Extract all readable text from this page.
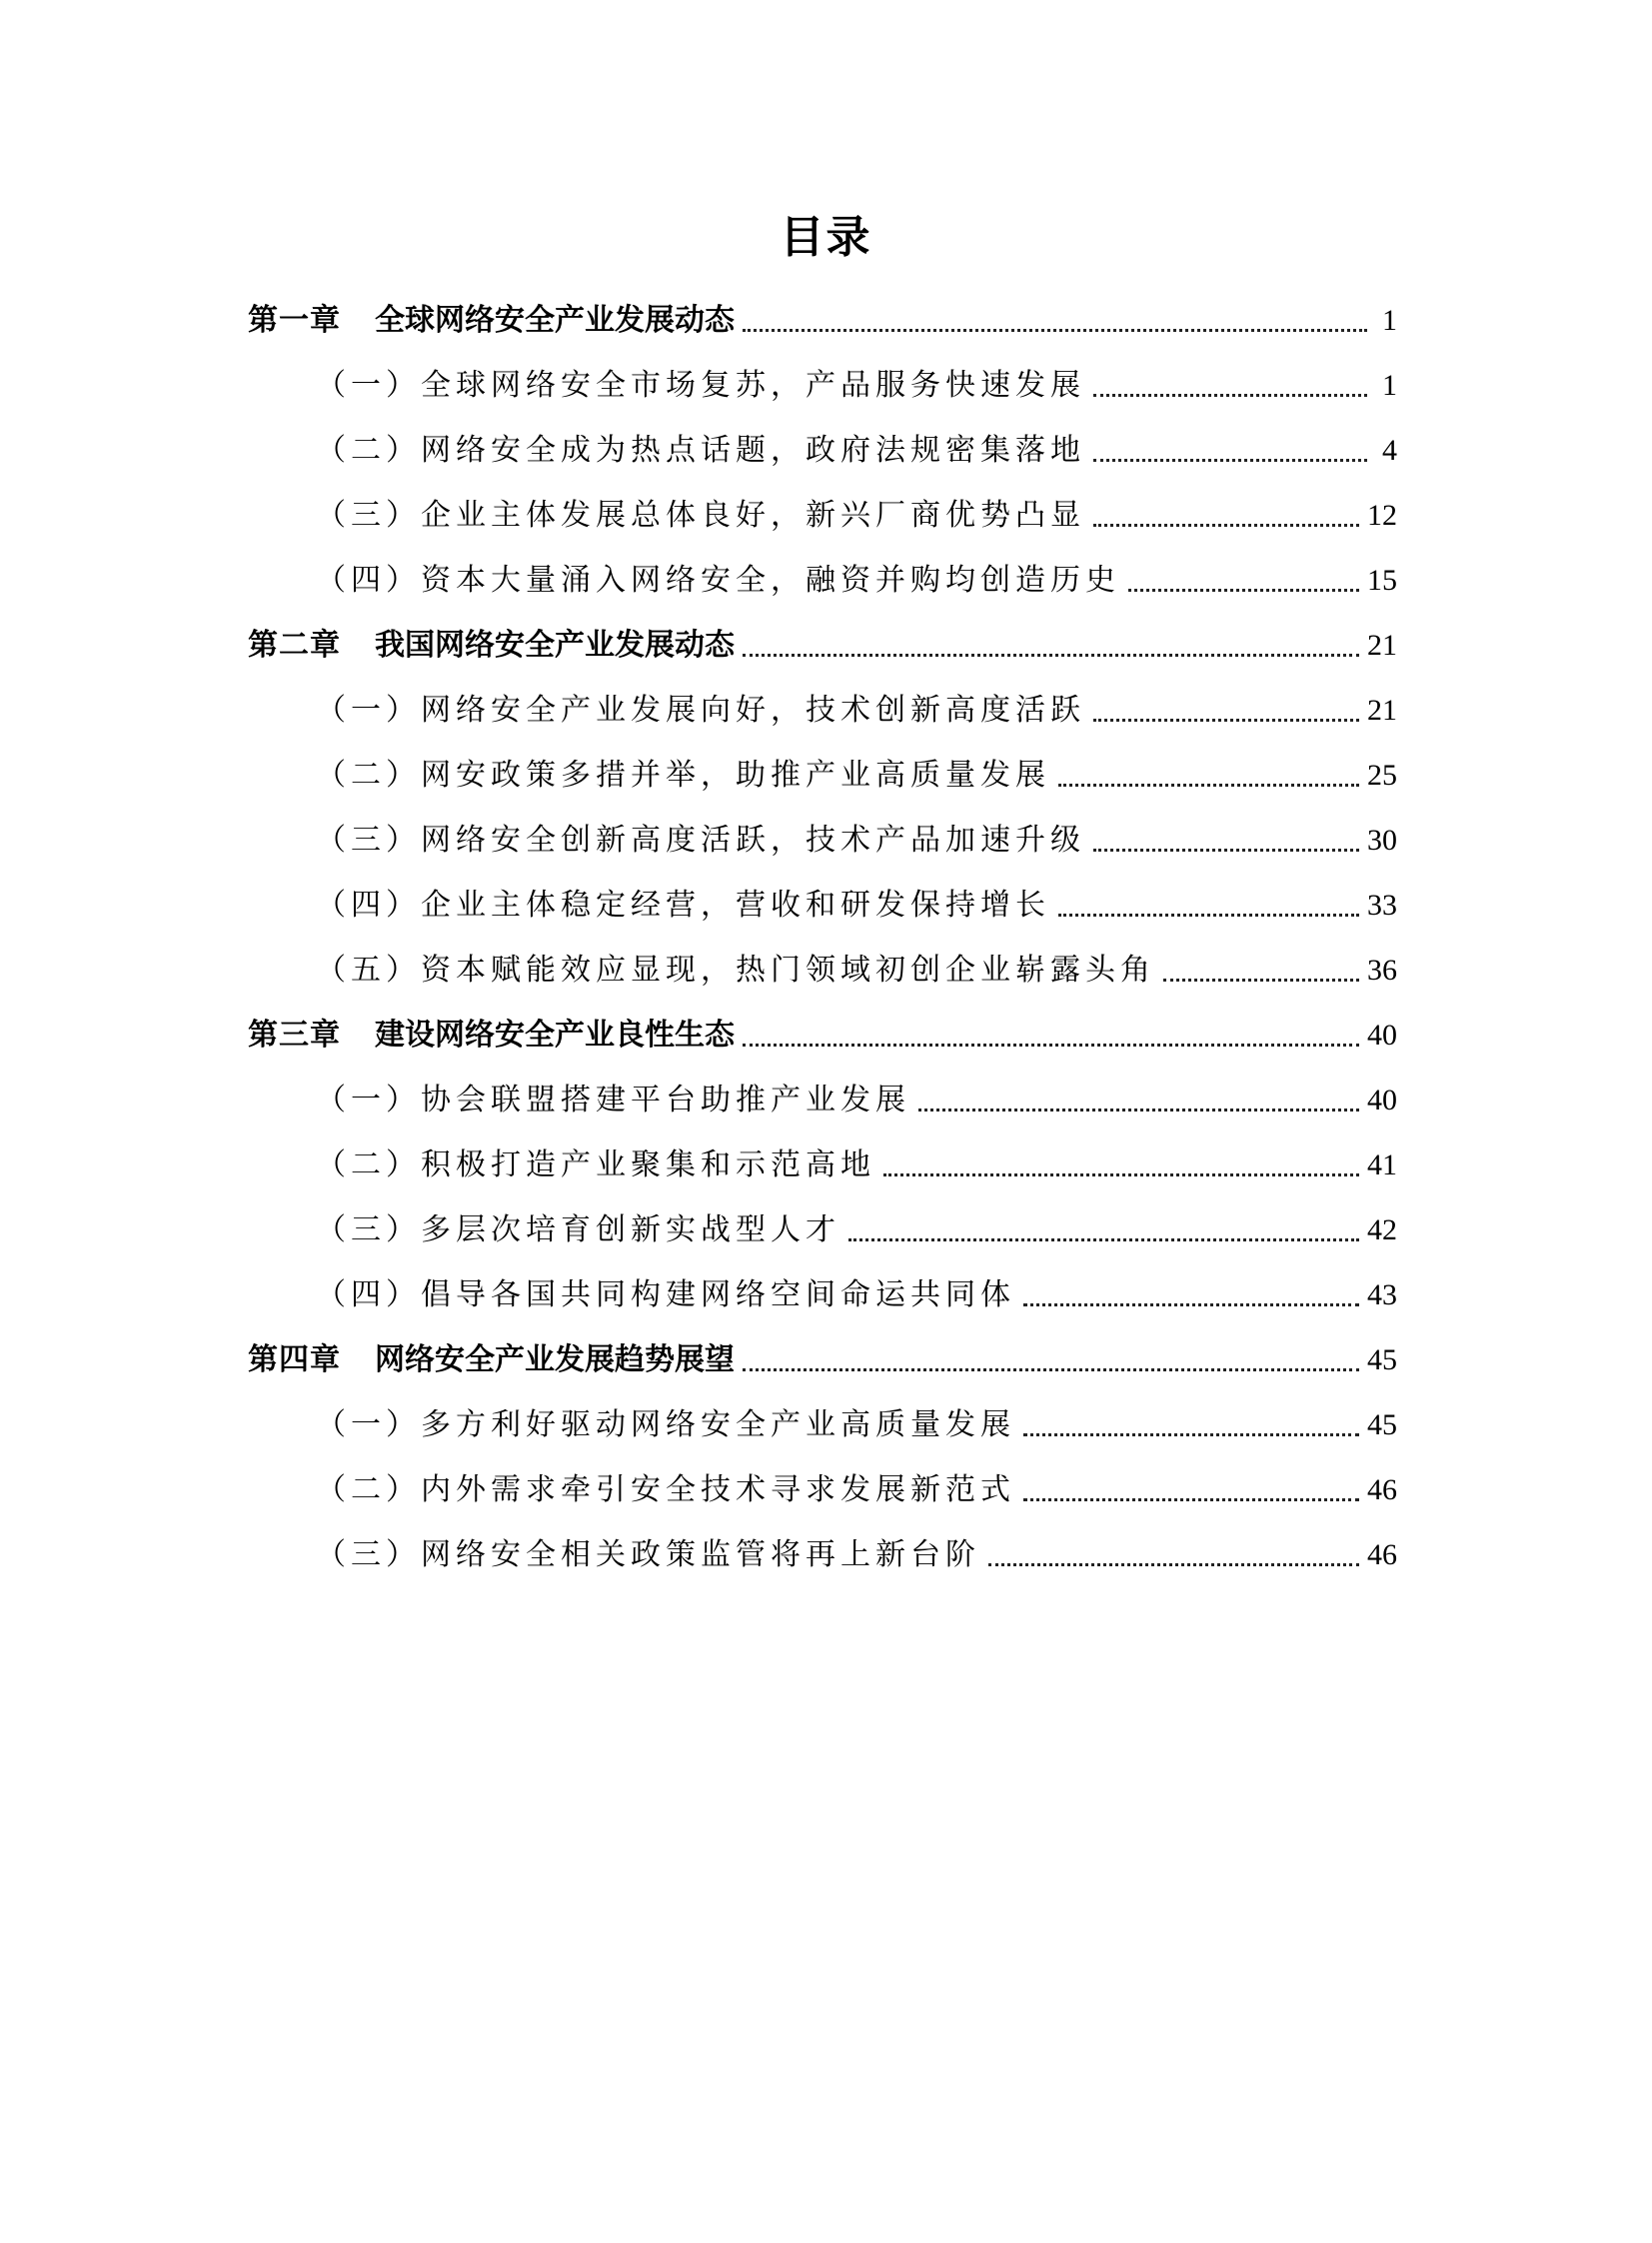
目录
第一章 全球网络安全产业发展动态	1
（一）全球网络安全市场复苏，产品服务快速发展	1
（二）网络安全成为热点话题，政府法规密集落地	4
（三）企业主体发展总体良好，新兴厂商优势凸显	12
（四）资本大量涌入网络安全，融资并购均创造历史	15
第二章 我国网络安全产业发展动态	21
（一）网络安全产业发展向好，技术创新高度活跃	21
（二）网安政策多措并举，助推产业高质量发展	25
（三）网络安全创新高度活跃，技术产品加速升级	30
（四）企业主体稳定经营，营收和研发保持增长	33
（五）资本赋能效应显现，热门领域初创企业崭露头角	36
第三章 建设网络安全产业良性生态	40
（一）协会联盟搭建平台助推产业发展	40
（二）积极打造产业聚集和示范高地	41
（三）多层次培育创新实战型人才	42
（四）倡导各国共同构建网络空间命运共同体	43
第四章 网络安全产业发展趋势展望	45
（一）多方利好驱动网络安全产业高质量发展	45
（二）内外需求牵引安全技术寻求发展新范式	46
（三）网络安全相关政策监管将再上新台阶	46
